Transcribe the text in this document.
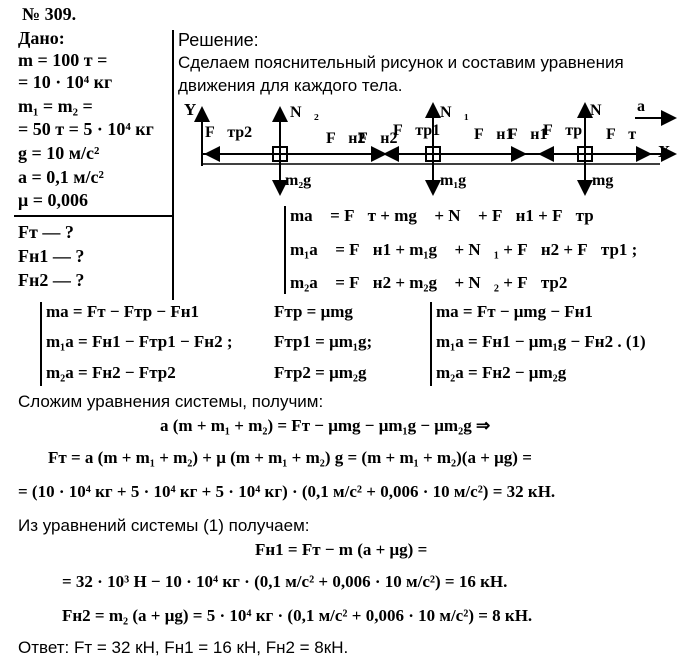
№ 309.
Дано:
m = 100 т =
= 10 · 10⁴ кг
m₁ = m₂ =
= 50 т = 5 · 10⁴ кг
g = 10 м/с²
a = 0,1 м/с²
μ = 0,006
Fт — ?
Fн1 — ?
Fн2 — ?
Решение:
Сделаем пояснительный рисунок и составим уравнения
движения для каждого тела.
Y
X
F⃗тр2
N⃗₂
F⃗н2
F⃗н2
F⃗тр1
N⃗₁
F⃗н1
F⃗н1
F⃗тр
N⃗ a⃗
F⃗т
m₂g⃗	m₁g⃗	mg⃗
ma⃗ = F⃗т + mg⃗ + N⃗ + F⃗н1 + F⃗тр
m₁a⃗ = F⃗н1 + m₁g⃗ + N⃗₁ + F⃗н2 + F⃗тр1 ;
m₂a⃗ = F⃗н2 + m₂g⃗ + N⃗₂ + F⃗тр2
ma = Fт − Fтр − Fн1
m₁a = Fн1 − Fтр1 − Fн2 ;
m₂a = Fн2 − Fтр2
Fтр = μmg
Fтр1 = μm₁g;
Fтр2 = μm₂g
ma = Fт − μmg − Fн1
m₁a = Fн1 − μm₁g − Fн2 . (1)
m₂a = Fн2 − μm₂g
Сложим уравнения системы, получим:
a (m + m₁ + m₂) = Fт − μmg − μm₁g − μm₂g ⇒
Fт = a (m + m₁ + m₂) + μ (m + m₁ + m₂) g = (m + m₁ + m₂)(a + μg) =
= (10 · 10⁴ кг + 5 · 10⁴ кг + 5 · 10⁴ кг) · (0,1 м/с² + 0,006 · 10 м/с²) = 32 кН.
Из уравнений системы (1) получаем:
Fн1 = Fт − m (a + μg) =
= 32 · 10³ Н − 10 · 10⁴ кг · (0,1 м/с² + 0,006 · 10 м/с²) = 16 кН.
Fн2 = m₂ (a + μg) = 5 · 10⁴ кг · (0,1 м/с² + 0,006 · 10 м/с²) = 8 кН.
Ответ: Fт = 32 кН, Fн1 = 16 кН, Fн2 = 8кН.
